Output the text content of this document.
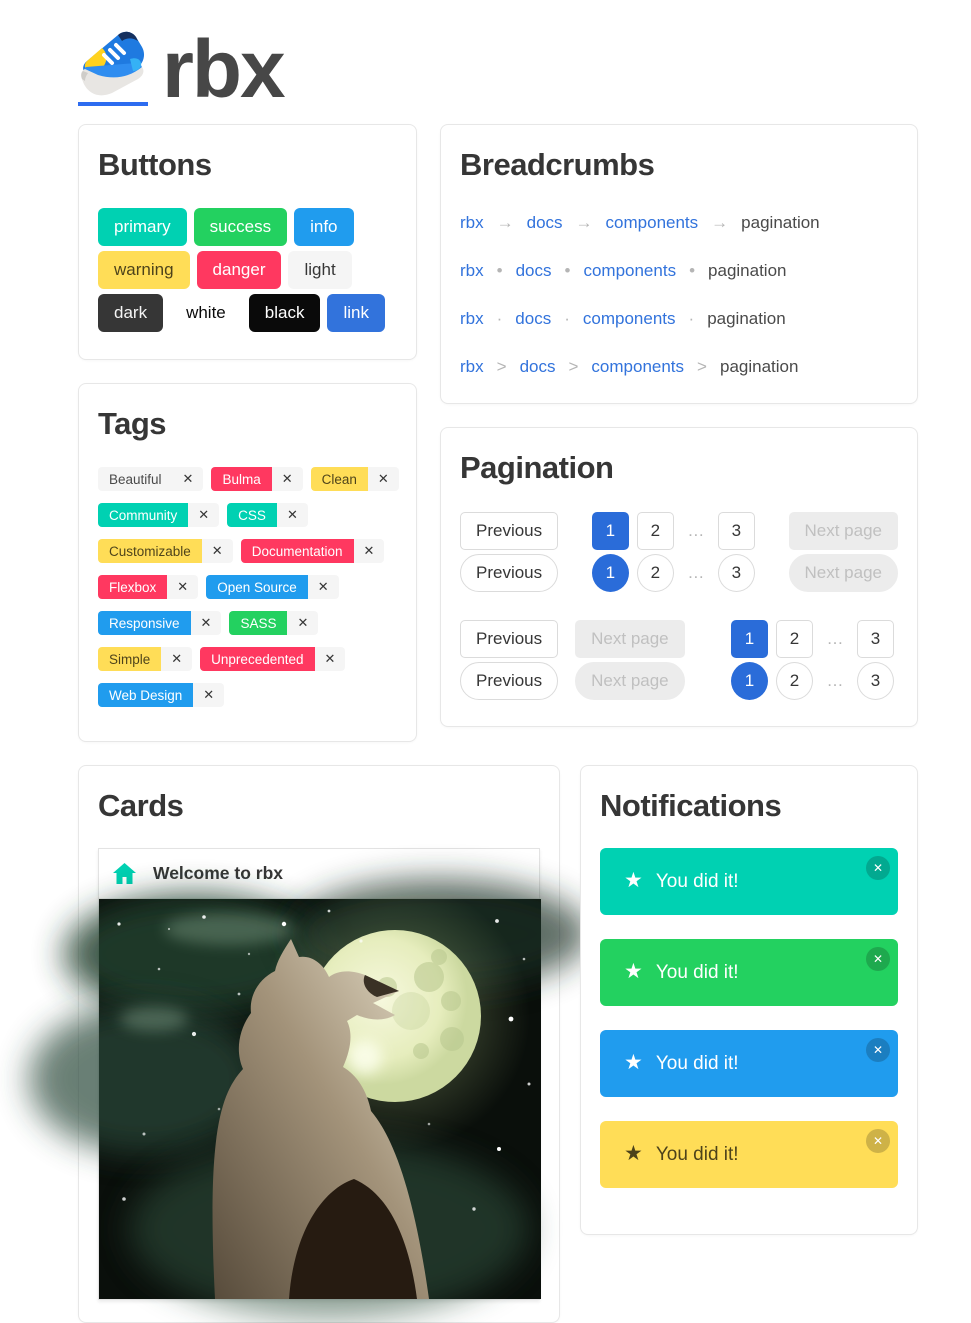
rbx
Buttons
primary	success	info
warning	danger	light
dark	white	black	link
Tags
Beautiful	✕	Bulma	✕	Clean	✕
Community	✕	CSS	✕
Customizable	✕	Documentation	✕
Flexbox	✕	Open Source	✕
Responsive	✕	SASS	✕
Simple	✕	Unprecedented	✕
Web Design	✕
Breadcrumbs
rbx → docs → components → pagination
rbx • docs • components • pagination
rbx · docs · components · pagination
rbx > docs > components > pagination
Pagination
Previous	1	2	…	3	Next page
Previous	1	2	…	3	Next page
Previous	Next page	1	2	…	3
Previous	Next page	1	2	…	3
Cards
Welcome to rbx
Notifications
★ You did it!
✕
★ You did it!
✕
★ You did it!
✕
★ You did it!
✕
